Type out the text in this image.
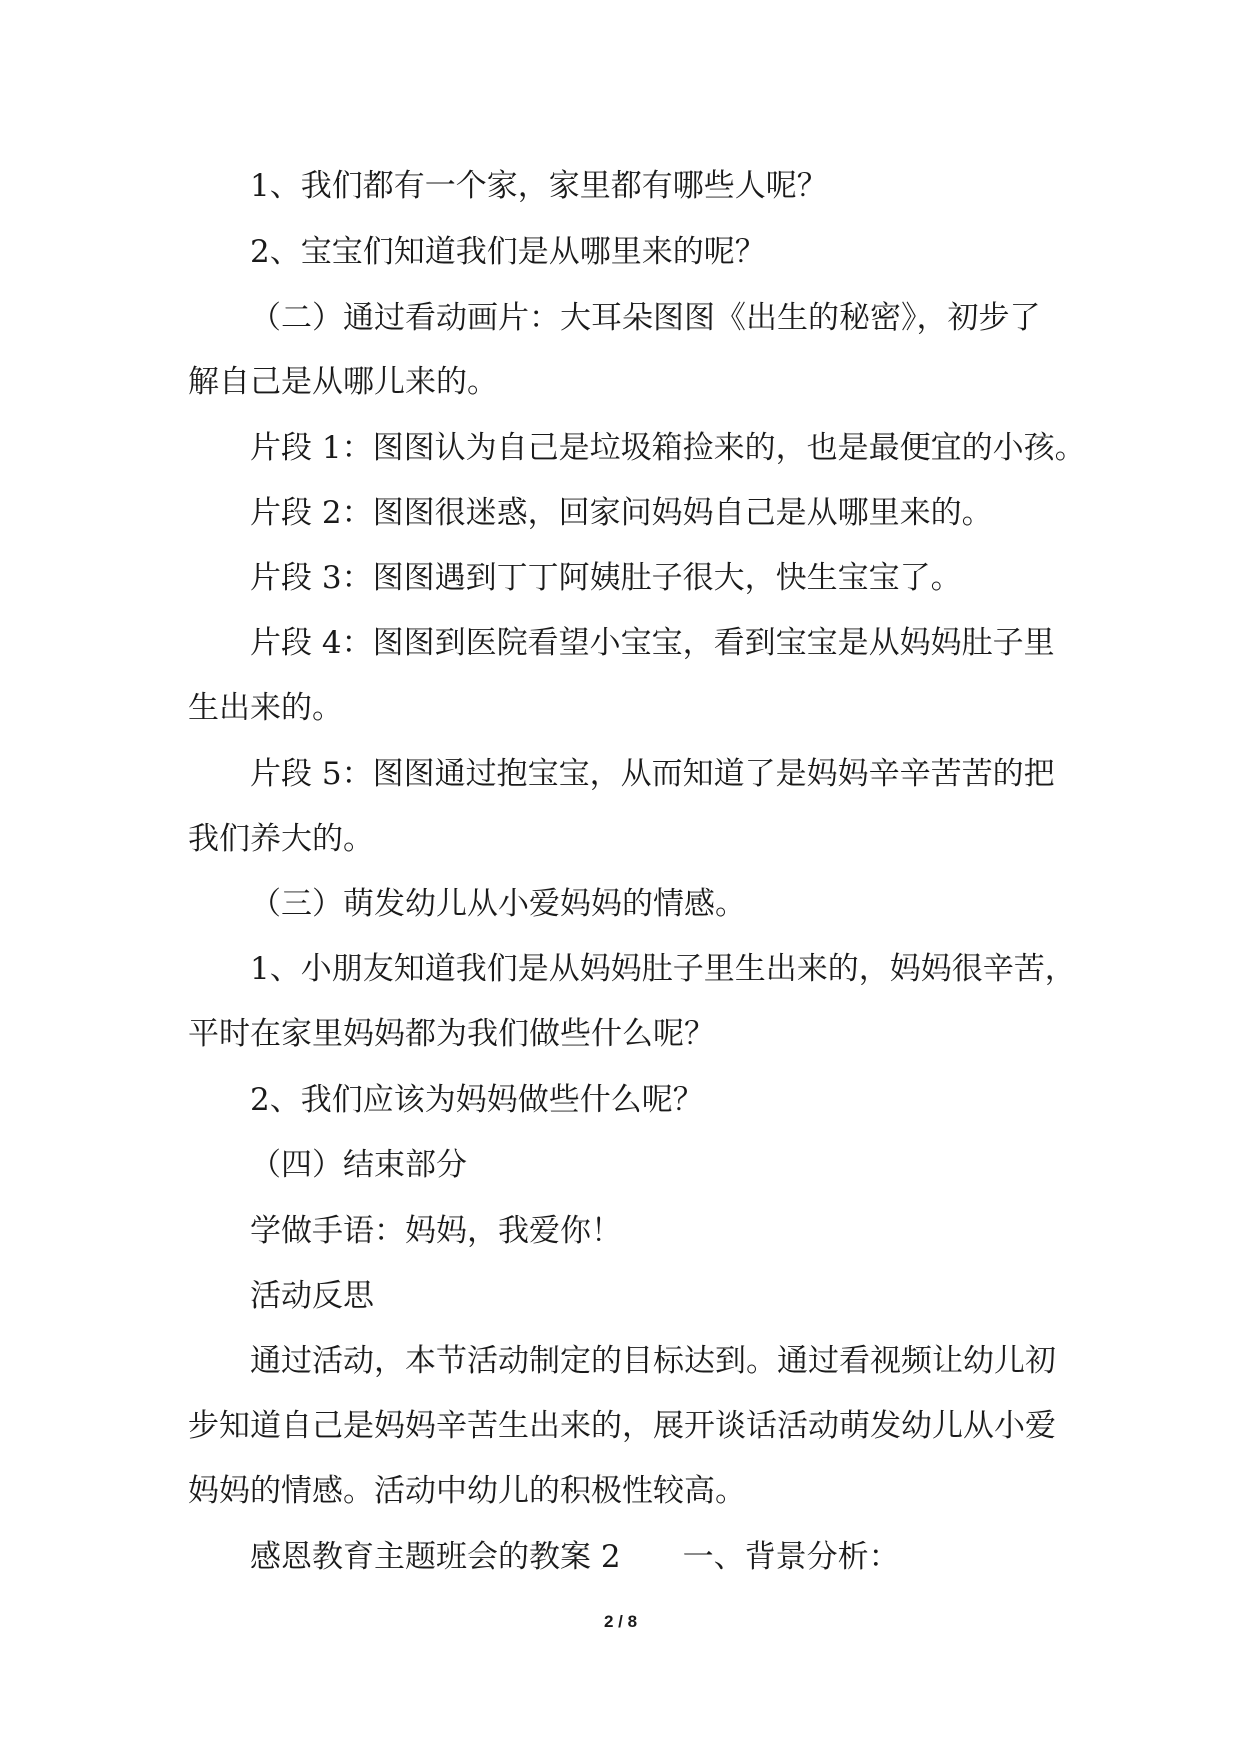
1、我们都有一个家，家里都有哪些人呢？
2、宝宝们知道我们是从哪里来的呢？
（二）通过看动画片：大耳朵图图《出生的秘密》，初步了
解自己是从哪儿来的。
片段 1：图图认为自己是垃圾箱捡来的，也是最便宜的小孩。
片段 2：图图很迷惑，回家问妈妈自己是从哪里来的。
片段 3：图图遇到丁丁阿姨肚子很大，快生宝宝了。
片段 4：图图到医院看望小宝宝，看到宝宝是从妈妈肚子里
生出来的。
片段 5：图图通过抱宝宝，从而知道了是妈妈辛辛苦苦的把
我们养大的。
（三）萌发幼儿从小爱妈妈的情感。
1、小朋友知道我们是从妈妈肚子里生出来的，妈妈很辛苦，
平时在家里妈妈都为我们做些什么呢？
2、我们应该为妈妈做些什么呢？
（四）结束部分
学做手语：妈妈，我爱你！
活动反思
通过活动，本节活动制定的目标达到。通过看视频让幼儿初
步知道自己是妈妈辛苦生出来的，展开谈话活动萌发幼儿从小爱
妈妈的情感。活动中幼儿的积极性较高。
感恩教育主题班会的教案 2　　一、背景分析：
2 / 8
